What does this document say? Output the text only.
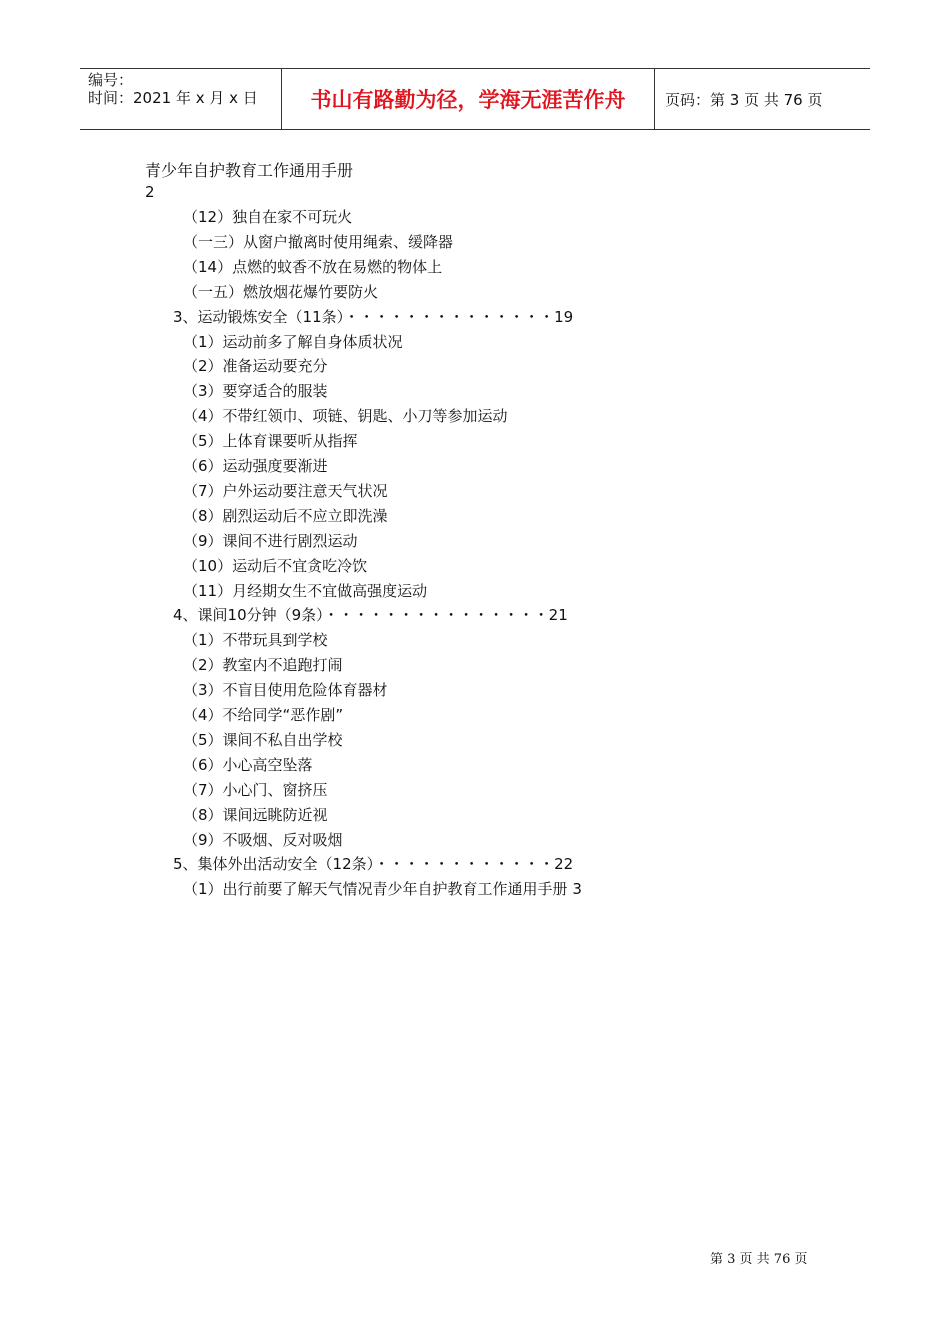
编号：
时间：2021 年 x 月 x 日	书山有路勤为径，学海无涯苦作舟	页码：第 3 页 共 76 页
青少年自护教育工作通用手册
2
（12）独自在家不可玩火
（一三）从窗户撤离时使用绳索、缓降器
（14）点燃的蚊香不放在易燃的物体上
（一五）燃放烟花爆竹要防火
3、运动锻炼安全（11条）・・・・・・・・・・・・・・19
（1）运动前多了解自身体质状况
（2）准备运动要充分
（3）要穿适合的服装
（4）不带红领巾、项链、钥匙、小刀等参加运动
（5）上体育课要听从指挥
（6）运动强度要渐进
（7）户外运动要注意天气状况
（8）剧烈运动后不应立即洗澡
（9）课间不进行剧烈运动
（10）运动后不宜贪吃冷饮
（11）月经期女生不宜做高强度运动
4、课间10分钟（9条）・・・・・・・・・・・・・・・21
（1）不带玩具到学校
（2）教室内不追跑打闹
（3）不盲目使用危险体育器材
（4）不给同学“恶作剧”
（5）课间不私自出学校
（6）小心高空坠落
（7）小心门、窗挤压
（8）课间远眺防近视
（9）不吸烟、反对吸烟
5、集体外出活动安全（12条）・・・・・・・・・・・・22
（1）出行前要了解天气情况青少年自护教育工作通用手册 3
第 3 页 共 76 页
